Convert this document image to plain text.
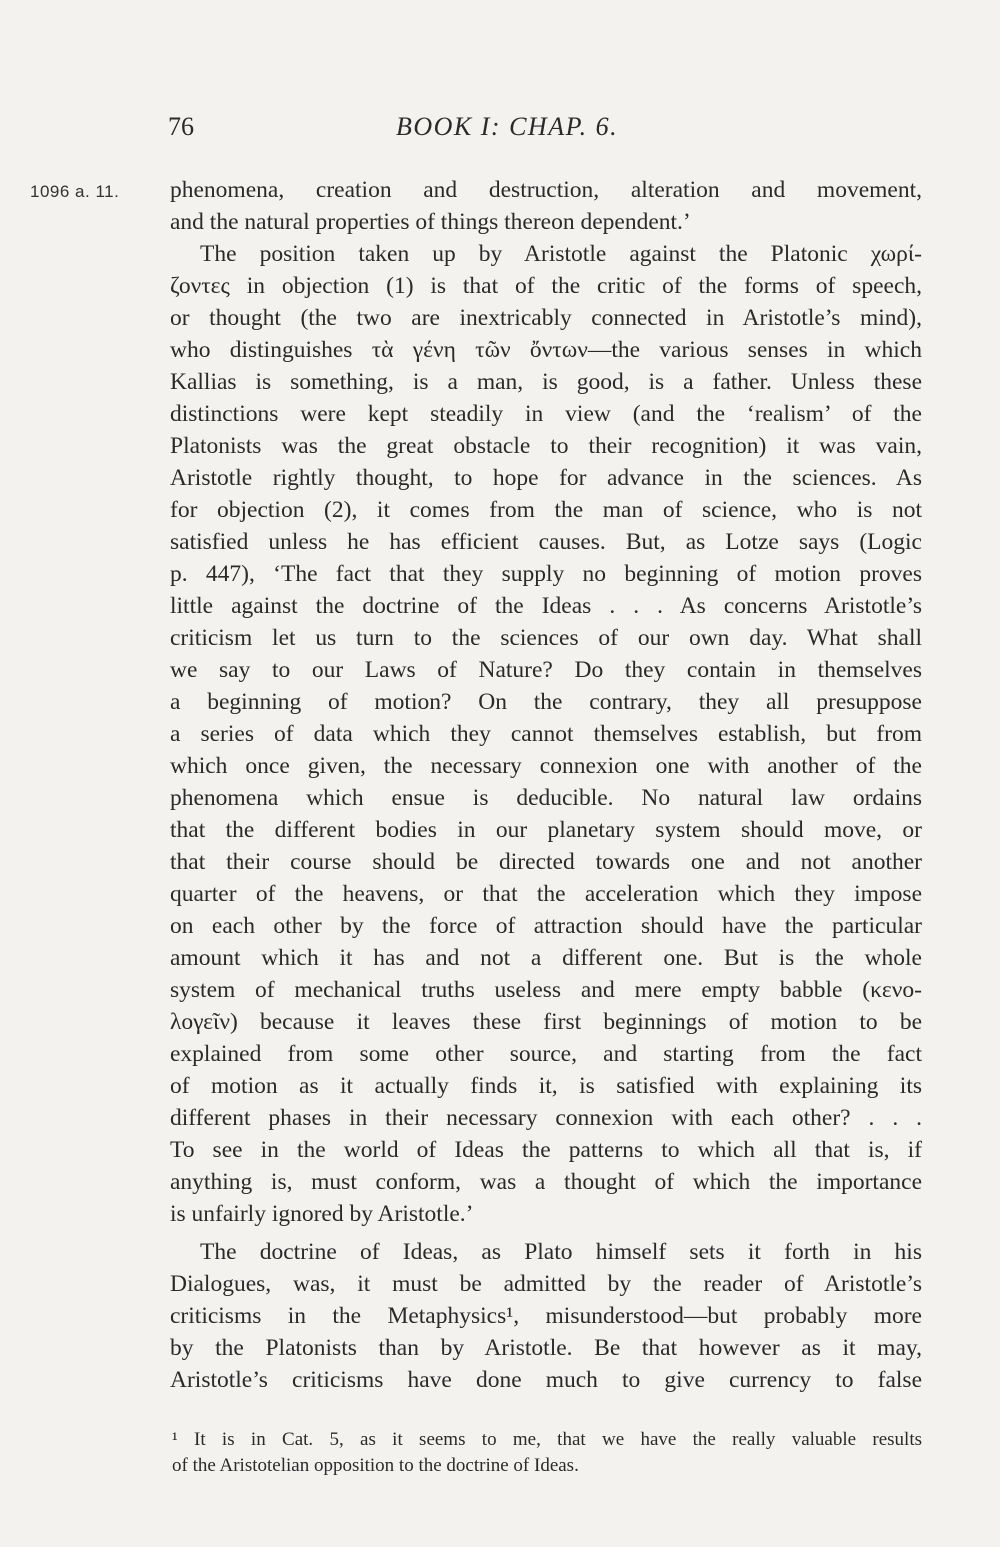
76	BOOK I: CHAP. 6.
1096 a. 11. phenomena, creation and destruction, alteration and movement,
and the natural properties of things thereon dependent.’
The position taken up by Aristotle against the Platonic χωρί-
ζοντες in objection (1) is that of the critic of the forms of speech,
or thought (the two are inextricably connected in Aristotle’s mind),
who distinguishes τὰ γένη τῶν ὄντων—the various senses in which
Kallias is something, is a man, is good, is a father. Unless these
distinctions were kept steadily in view (and the ‘realism’ of the
Platonists was the great obstacle to their recognition) it was vain,
Aristotle rightly thought, to hope for advance in the sciences. As
for objection (2), it comes from the man of science, who is not
satisfied unless he has efficient causes. But, as Lotze says (Logic
p. 447), ‘The fact that they supply no beginning of motion proves
little against the doctrine of the Ideas . . . As concerns Aristotle’s
criticism let us turn to the sciences of our own day. What shall
we say to our Laws of Nature? Do they contain in themselves
a beginning of motion? On the contrary, they all presuppose
a series of data which they cannot themselves establish, but from
which once given, the necessary connexion one with another of the
phenomena which ensue is deducible. No natural law ordains
that the different bodies in our planetary system should move, or
that their course should be directed towards one and not another
quarter of the heavens, or that the acceleration which they impose
on each other by the force of attraction should have the particular
amount which it has and not a different one. But is the whole
system of mechanical truths useless and mere empty babble (κενο-
λογεῖν) because it leaves these first beginnings of motion to be
explained from some other source, and starting from the fact
of motion as it actually finds it, is satisfied with explaining its
different phases in their necessary connexion with each other? . . .
To see in the world of Ideas the patterns to which all that is, if
anything is, must conform, was a thought of which the importance
is unfairly ignored by Aristotle.’
The doctrine of Ideas, as Plato himself sets it forth in his
Dialogues, was, it must be admitted by the reader of Aristotle’s
criticisms in the Metaphysics¹, misunderstood—but probably more
by the Platonists than by Aristotle. Be that however as it may,
Aristotle’s criticisms have done much to give currency to false
¹ It is in Cat. 5, as it seems to me, that we have the really valuable results
of the Aristotelian opposition to the doctrine of Ideas.
